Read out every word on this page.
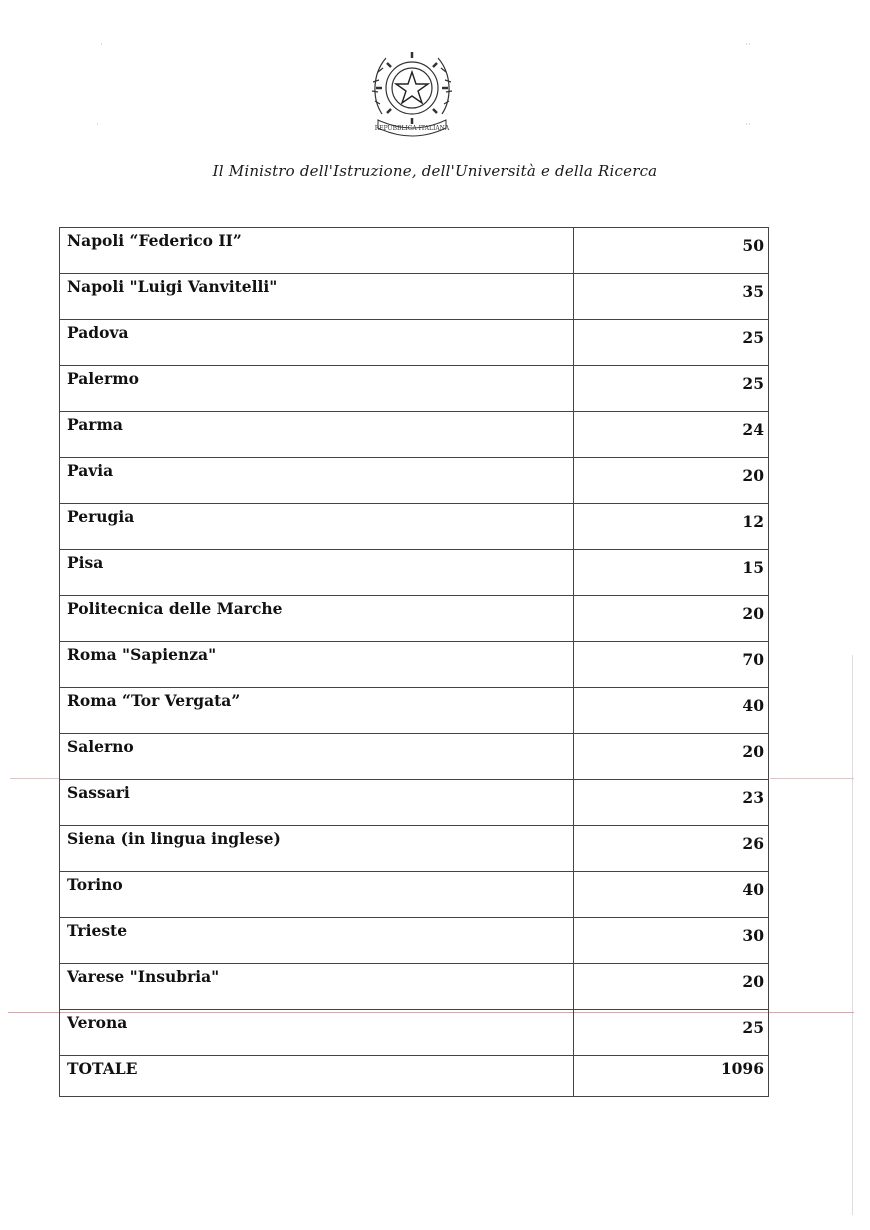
REPUBBLICA ITALIANA
Il Ministro dell'Istruzione, dell'Università e della Ricerca
·	··
·	··
Napoli “Federico II”	50
Napoli "Luigi Vanvitelli"	35
Padova	25
Palermo	25
Parma	24
Pavia	20
Perugia	12
Pisa	15
Politecnica delle Marche	20
Roma "Sapienza"	70
Roma “Tor Vergata”	40
Salerno	20
Sassari	23
Siena (in lingua inglese)	26
Torino	40
Trieste	30
Varese "Insubria"	20
Verona	25
TOTALE	1096
